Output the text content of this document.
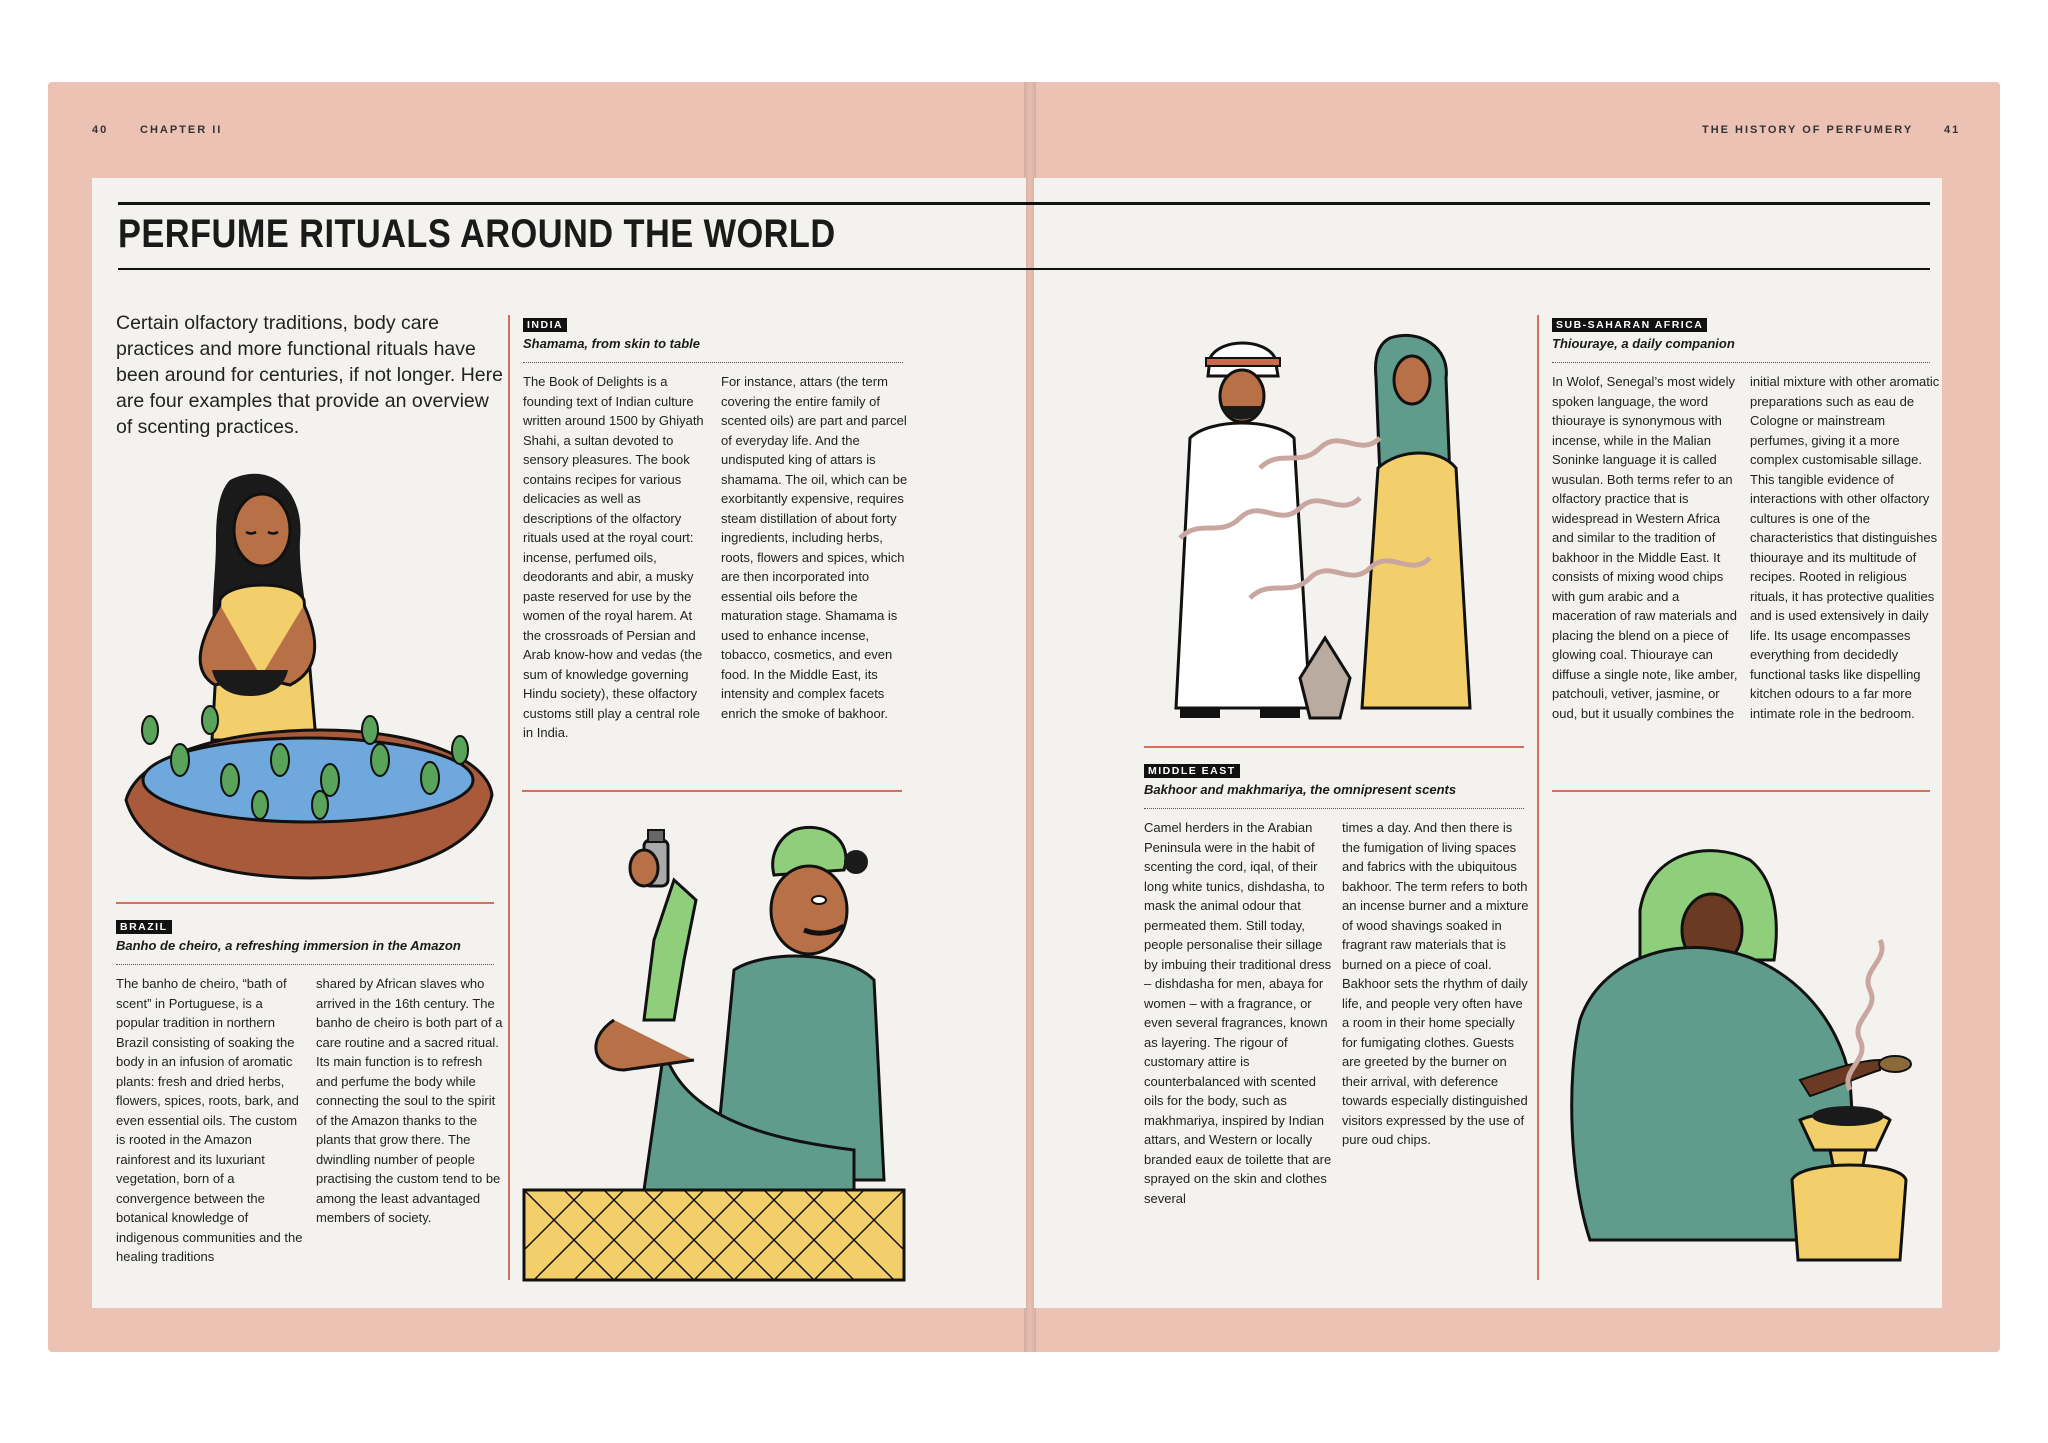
40	CHAPTER II	THE HISTORY OF PERFUMERY	41
PERFUME RITUALS AROUND THE WORLD
Certain olfactory traditions, body care practices and more functional rituals have been around for centuries, if not longer. Here are four examples that provide an overview of scenting practices.
INDIA
Shamama, from skin to table
The Book of Delights is a founding text of Indian culture written around 1500 by Ghiyath Shahi, a sultan devoted to sensory pleasures. The book contains recipes for various delicacies as well as descriptions of the olfactory rituals used at the royal court: incense, perfumed oils, deodorants and abir, a musky paste reserved for use by the women of the royal harem. At the crossroads of Persian and Arab know-how and vedas (the sum of knowledge governing Hindu society), these olfactory customs still play a central role in India.
For instance, attars (the term covering the entire family of scented oils) are part and parcel of everyday life. And the undisputed king of attars is shamama. The oil, which can be exorbitantly expensive, requires steam distillation of about forty ingredients, including herbs, roots, flowers and spices, which are then incorporated into essential oils before the maturation stage. Shamama is used to enhance incense, tobacco, cosmetics, and even food. In the Middle East, its intensity and complex facets enrich the smoke of bakhoor.
BRAZIL
Banho de cheiro, a refreshing immersion in the Amazon
The banho de cheiro, “bath of scent” in Portuguese, is a popular tradition in northern Brazil consisting of soaking the body in an infusion of aromatic plants: fresh and dried herbs, flowers, spices, roots, bark, and even essential oils. The custom is rooted in the Amazon rainforest and its luxuriant vegetation, born of a convergence between the botanical knowledge of indigenous communities and the healing traditions
shared by African slaves who arrived in the 16th century. The banho de cheiro is both part of a care routine and a sacred ritual. Its main function is to refresh and perfume the body while connecting the soul to the spirit of the Amazon thanks to the plants that grow there. The dwindling number of people practising the custom tend to be among the least advantaged members of society.
MIDDLE EAST
Bakhoor and makhmariya, the omnipresent scents
Camel herders in the Arabian Peninsula were in the habit of scenting the cord, iqal, of their long white tunics, dishdasha, to mask the animal odour that permeated them. Still today, people personalise their sillage by imbuing their traditional dress – dishdasha for men, abaya for women – with a fragrance, or even several fragrances, known as layering. The rigour of customary attire is counterbalanced with scented oils for the body, such as makhmariya, inspired by Indian attars, and Western or locally branded eaux de toilette that are sprayed on the skin and clothes several
times a day. And then there is the fumigation of living spaces and fabrics with the ubiquitous bakhoor. The term refers to both an incense burner and a mixture of wood shavings soaked in fragrant raw materials that is burned on a piece of coal. Bakhoor sets the rhythm of daily life, and people very often have a room in their home specially for fumigating clothes. Guests are greeted by the burner on their arrival, with deference towards especially distinguished visitors expressed by the use of pure oud chips.
SUB-SAHARAN AFRICA
Thiouraye, a daily companion
In Wolof, Senegal’s most widely spoken language, the word thiouraye is synonymous with incense, while in the Malian Soninke language it is called wusulan. Both terms refer to an olfactory practice that is widespread in Western Africa and similar to the tradition of bakhoor in the Middle East. It consists of mixing wood chips with gum arabic and a maceration of raw materials and placing the blend on a piece of glowing coal. Thiouraye can diffuse a single note, like amber, patchouli, vetiver, jasmine, or oud, but it usually combines the
initial mixture with other aromatic preparations such as eau de Cologne or mainstream perfumes, giving it a more complex customisable sillage. This tangible evidence of interactions with other olfactory cultures is one of the characteristics that distinguishes thiouraye and its multitude of recipes. Rooted in religious rituals, it has protective qualities and is used extensively in daily life. Its usage encompasses everything from decidedly functional tasks like dispelling kitchen odours to a far more intimate role in the bedroom.
